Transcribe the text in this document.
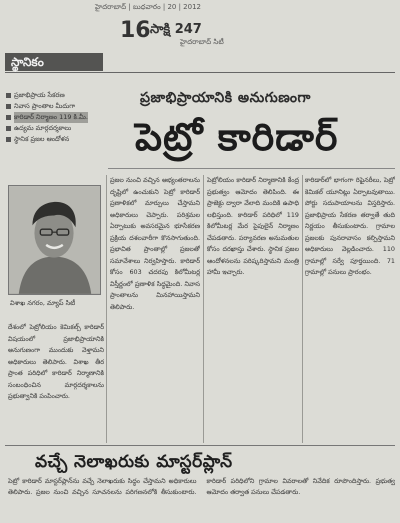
హైదరాబాద్ | బుధవారం | 20 | 2012
16 సాక్షి 247
హైదరాబాద్ సిటీ
స్థానికం
ప్రజాభిప్రాయ సేకరణ
నివాస ప్రాంతాల మీదుగా
కారిడార్ నిర్మాణం 119 కి.మీ.
ఉద్యమ మార్గదర్శకాలు
స్థానిక ప్రజల ఆందోళన
విశాఖ నగరం, మ్యాప్ సిటీ
ప్రజాభిప్రాయానికి అనుగుణంగా
పెట్రో కారిడార్
దేశంలో పెట్రోలియం కెమికల్స్ కారిడార్ విషయంలో ప్రజాభిప్రాయానికి అనుగుణంగా ముందుకు వెళ్తామని అధికారులు తెలిపారు. విశాఖ తీర ప్రాంత పరిధిలో కారిడార్ నిర్మాణానికి సంబంధించిన మార్గదర్శకాలను ప్రభుత్వానికి పంపించారు.
ప్రజల నుంచి వచ్చిన అభ్యంతరాలను దృష్టిలో ఉంచుకుని పెట్రో కారిడార్ ప్రణాళికలో మార్పులు చేస్తామని అధికారులు చెప్పారు. పరిశ్రమల ఏర్పాటుకు అవసరమైన భూసేకరణ ప్రక్రియ దశలవారీగా కొనసాగుతుంది. ప్రభావిత ప్రాంతాల్లో ప్రజలతో సమావేశాలు నిర్వహిస్తారు. కారిడార్ కోసం 603 చదరపు కిలోమీటర్ల విస్తీర్ణంలో ప్రణాళిక సిద్ధమైంది. నివాస ప్రాంతాలను మినహాయిస్తామని తెలిపారు.
పెట్రోలియం కారిడార్ నిర్మాణానికి కేంద్ర ప్రభుత్వం ఆమోదం తెలిపింది. ఈ ప్రాజెక్టు ద్వారా వేలాది మందికి ఉపాధి లభిస్తుంది. కారిడార్ పరిధిలో 119 కిలోమీటర్ల మేర పైపులైన్ నిర్మాణం చేపడతారు. పర్యావరణ అనుమతుల కోసం దరఖాస్తు చేశారు. స్థానిక ప్రజల ఆందోళనలను పరిష్కరిస్తామని మంత్రి హామీ ఇచ్చారు.
కారిడార్‌లో భాగంగా రిఫైనరీలు, పెట్రో కెమికల్ యూనిట్లు ఏర్పాటవుతాయి. పోర్టు సదుపాయాలను విస్తరిస్తారు. ప్రజాభిప్రాయ సేకరణ తర్వాతే తుది నిర్ణయం తీసుకుంటారు. గ్రామాల ప్రజలకు పునరావాసం కల్పిస్తామని అధికారులు వెల్లడించారు. 110 గ్రామాల్లో సర్వే పూర్తయింది. 71 గ్రామాల్లో పనులు ప్రారంభం.
వచ్చే నెలాఖరుకు మాస్టర్‌ప్లాన్
పెట్రో కారిడార్ మాస్టర్‌ప్లాన్‌ను వచ్చే నెలాఖరుకు సిద్ధం చేస్తామని అధికారులు తెలిపారు. ప్రజల నుంచి వచ్చిన సూచనలను పరిగణనలోకి తీసుకుంటారు. కారిడార్ పరిధిలోని గ్రామాల వివరాలతో నివేదిక రూపొందిస్తారు. ప్రభుత్వ ఆమోదం తర్వాత పనులు చేపడతారు.
